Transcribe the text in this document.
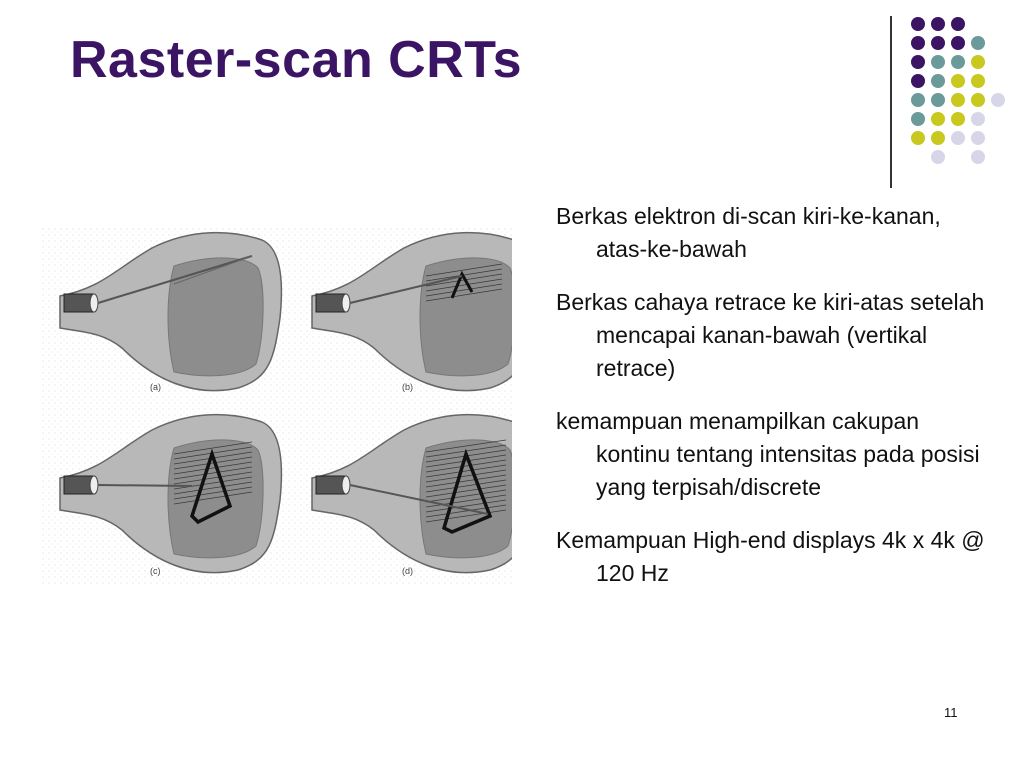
Raster-scan CRTs
(a)	(b)
(c)	(d)
Berkas elektron di-scan kiri-ke-kanan, atas-ke-bawah
Berkas cahaya retrace ke kiri-atas setelah mencapai kanan-bawah (vertikal retrace)
kemampuan menampilkan cakupan kontinu tentang intensitas pada posisi yang terpisah/discrete
Kemampuan High-end displays 4k x 4k @ 120 Hz
11
